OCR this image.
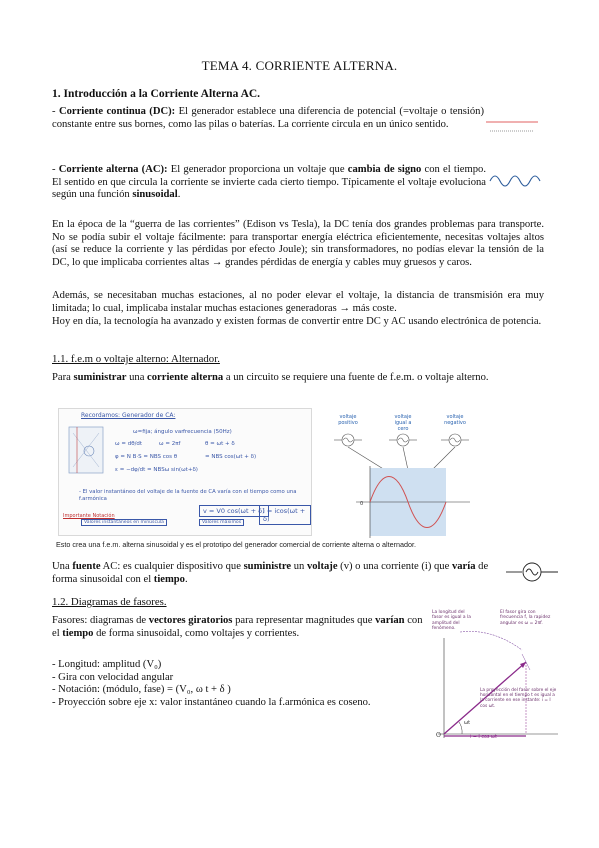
TEMA 4. CORRIENTE ALTERNA.
1. Introducción a la Corriente Alterna AC.
- Corriente continua (DC): El generador establece una diferencia de potencial (=voltaje o tensión) constante entre sus bornes, como las pilas o baterías. La corriente circula en un único sentido.
- Corriente alterna (AC): El generador proporciona un voltaje que cambia de signo con el tiempo. El sentido en que circula la corriente se invierte cada cierto tiempo. Típicamente el voltaje evoluciona según una función sinusoidal.
En la época de la “guerra de las corrientes” (Edison vs Tesla), la DC tenía dos grandes problemas para transporte. No se podía subir el voltaje fácilmente: para transportar energía eléctrica eficientemente, necesitas voltajes altos (así se reduce la corriente y las pérdidas por efecto Joule); sin transformadores, no podías elevar la tensión de la DC, lo que implicaba corrientes altas → grandes pérdidas de energía y cables muy gruesos y caros.
Además, se necesitaban muchas estaciones, al no poder elevar el voltaje, la distancia de transmisión era muy limitada; lo cual, implicaba instalar muchas estaciones generadoras → más coste.
Hoy en día, la tecnología ha avanzado y existen formas de convertir entre DC y AC usando electrónica de potencia.
1.1. f.e.m o voltaje alterno: Alternador.
Para suministrar una corriente alterna a un circuito se requiere una fuente de f.e.m. o voltaje alterno.
Recordamos: Generador de CA:
ω=fija; ángulo var frecuencia (50Hz)
ω = dθ/dt	ω = 2πf	θ = ωt + δ
φ = N B·S = NBS cos θ	= NBS cos(ωt + δ)
ε = −dφ/dt = NBSω sin(ωt+δ)
- El valor instantáneo del voltaje de la fuente de CA varía con el tiempo como una f.armónica
v = V0 cos(ωt + δ)
i = icos(ωt + δ)
Importante Notación
Valores instantáneos en minúscula	Valores máximos
voltaje positivo
voltaje igual a cero
voltaje negativo
0
Esto crea una f.e.m. alterna sinusoidal y es el prototipo del generador comercial de corriente alterna o alternador.
Una fuente AC: es cualquier dispositivo que suministre un voltaje (v) o una corriente (i) que varía de forma sinusoidal con el tiempo.
1.2. Diagramas de fasores.
Fasores: diagramas de vectores giratorios para representar magnitudes que varían con el tiempo de forma sinusoidal, como voltajes y corrientes.
- Longitud: amplitud (V₀)
- Gira con velocidad angular
- Notación: (módulo, fase) = (V₀, ω t + δ )
- Proyección sobre eje x: valor instantáneo cuando la f.armónica es coseno.
La longitud del fasor es igual a la amplitud del fenómeno.
El fasor gira con frecuencia f, la rapidez angular es ω = 2πf.
ωt
O
La proyección del fasor sobre el eje horizontal en el tiempo t es igual a la corriente en ese instante: i = I cos ωt.
i = I cos ωt
